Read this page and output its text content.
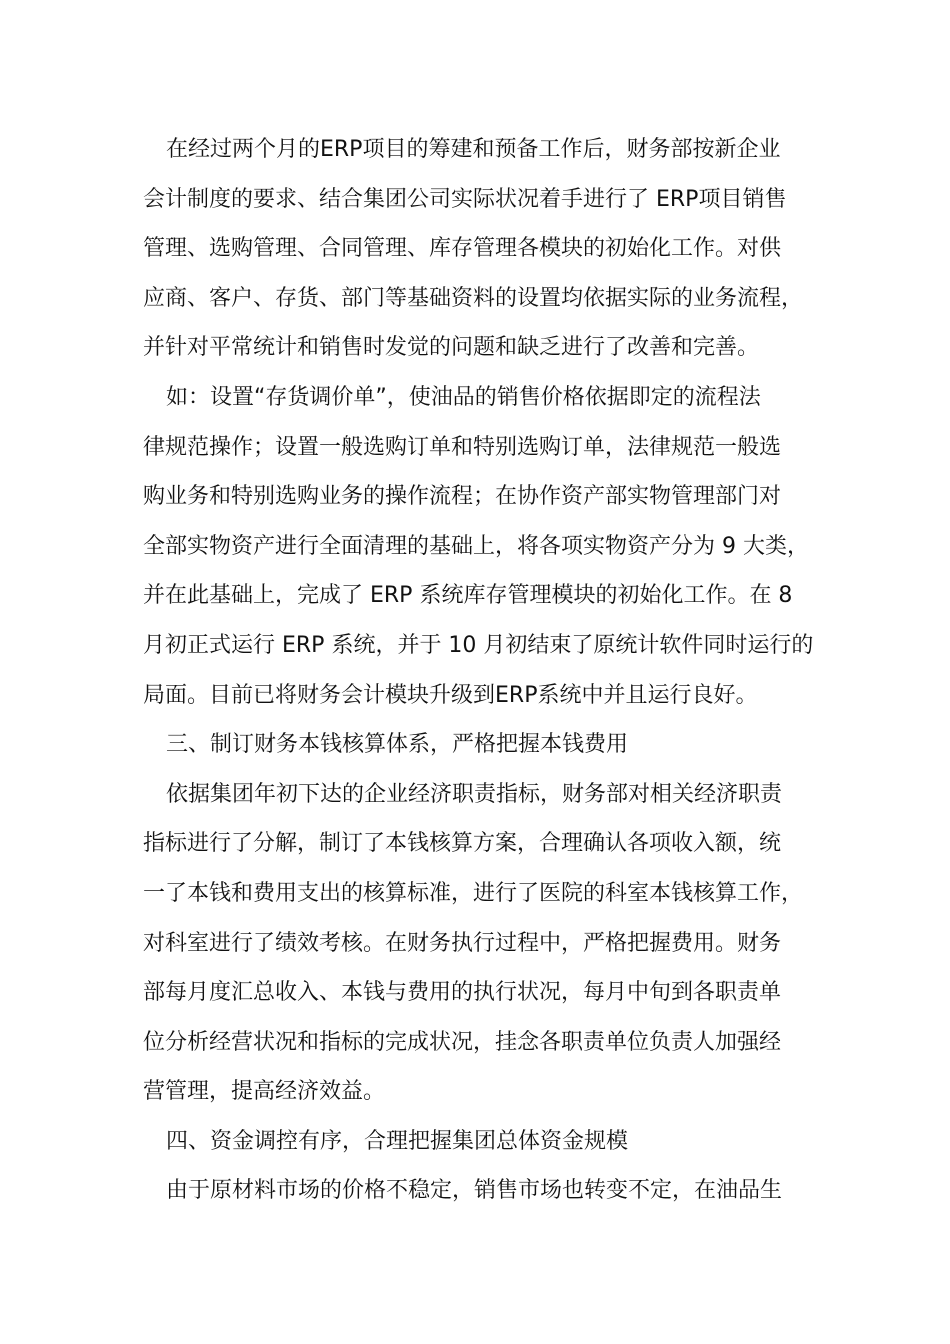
在经过两个月的ERP项目的筹建和预备工作后，财务部按新企业
会计制度的要求、结合集团公司实际状况着手进行了 ERP项目销售
管理、选购管理、合同管理、库存管理各模块的初始化工作。对供
应商、客户、存货、部门等基础资料的设置均依据实际的业务流程，
并针对平常统计和销售时发觉的问题和缺乏进行了改善和完善。
如：设置“存货调价单”，使油品的销售价格依据即定的流程法
律规范操作；设置一般选购订单和特别选购订单，法律规范一般选
购业务和特别选购业务的操作流程；在协作资产部实物管理部门对
全部实物资产进行全面清理的基础上，将各项实物资产分为 9 大类，
并在此基础上，完成了 ERP 系统库存管理模块的初始化工作。在 8
月初正式运行 ERP 系统，并于 10 月初结束了原统计软件同时运行的
局面。目前已将财务会计模块升级到ERP系统中并且运行良好。
三、制订财务本钱核算体系，严格把握本钱费用
依据集团年初下达的企业经济职责指标，财务部对相关经济职责
指标进行了分解，制订了本钱核算方案，合理确认各项收入额，统
一了本钱和费用支出的核算标准，进行了医院的科室本钱核算工作，
对科室进行了绩效考核。在财务执行过程中，严格把握费用。财务
部每月度汇总收入、本钱与费用的执行状况，每月中旬到各职责单
位分析经营状况和指标的完成状况，挂念各职责单位负责人加强经
营管理，提高经济效益。
四、资金调控有序，合理把握集团总体资金规模
由于原材料市场的价格不稳定，销售市场也转变不定，在油品生
